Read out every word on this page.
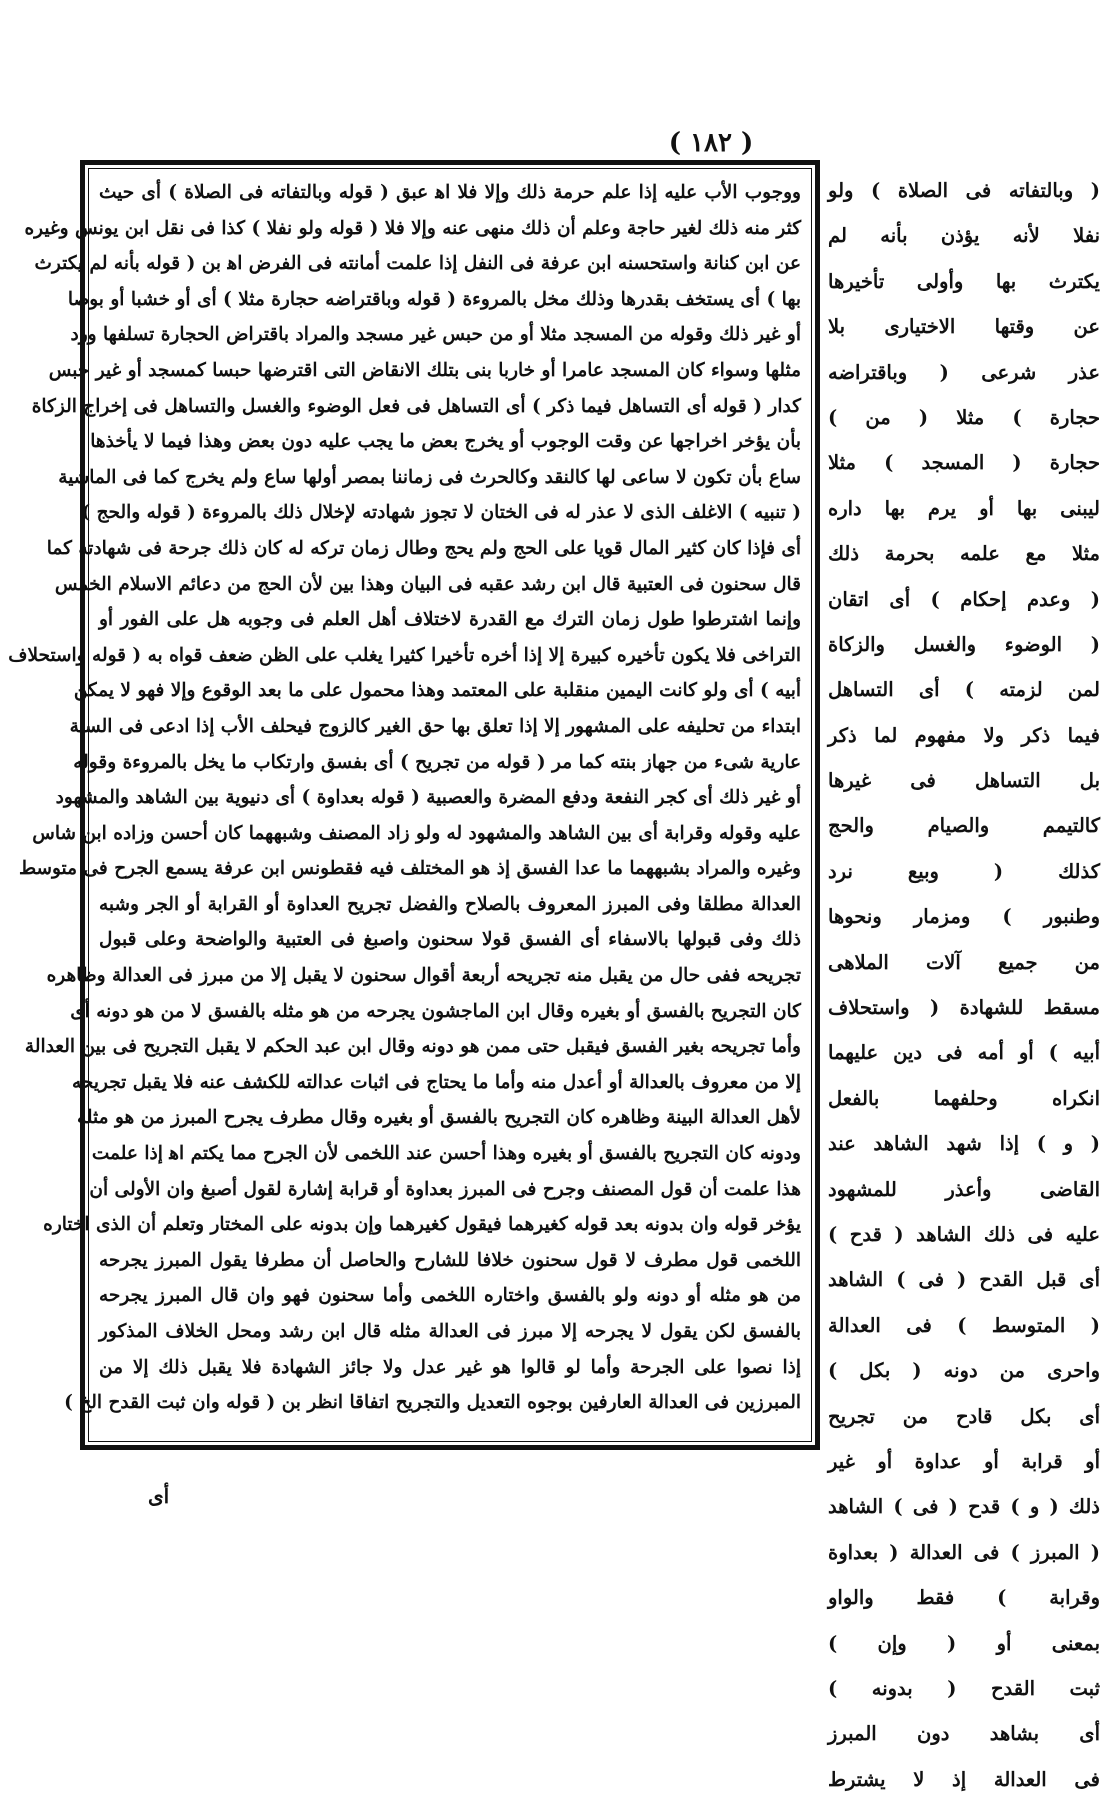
( ١٨٢ )
ووجوب الأب عليه إذا علم حرمة ذلك وإلا فلا اﻫ عبق ( قوله وبالتفاته فى الصلاة ) أى حيث
كثر منه ذلك لغير حاجة وعلم أن ذلك منهى عنه وإلا فلا ( قوله ولو نفلا ) كذا فى نقل ابن يونس وغيره
عن ابن كنانة واستحسنه ابن عرفة فى النفل إذا علمت أمانته فى الفرض اﻫ بن ( قوله بأنه لم يكترث
بها ) أى يستخف بقدرها وذلك مخل بالمروءة ( قوله وباقتراضه حجارة مثلا ) أى أو خشبا أو بوصا
أو غير ذلك وقوله من المسجد مثلا أو من حبس غير مسجد والمراد باقتراض الحجارة تسلفها ورد
مثلها وسواء كان المسجد عامرا أو خاربا بنى بتلك الانقاض التى اقترضها حبسا كمسجد أو غير حبس
كدار ( قوله أى التساهل فيما ذكر ) أى التساهل فى فعل الوضوء والغسل والتساهل فى إخراج الزكاة
بأن يؤخر اخراجها عن وقت الوجوب أو يخرج بعض ما يجب عليه دون بعض وهذا فيما لا يأخذها
ساع بأن تكون لا ساعى لها كالنقد وكالحرث فى زماننا بمصر أولها ساع ولم يخرج كما فى الماشية
( تنبيه ) الاغلف الذى لا عذر له فى الختان لا تجوز شهادته لإخلال ذلك بالمروءة ( قوله والحج )
أى فإذا كان كثير المال قويا على الحج ولم يحج وطال زمان تركه له كان ذلك جرحة فى شهادته كما
قال سحنون فى العتبية قال ابن رشد عقبه فى البيان وهذا بين لأن الحج من دعائم الاسلام الخمس
وإنما اشترطوا طول زمان الترك مع القدرة لاختلاف أهل العلم فى وجوبه هل على الفور أو
التراخى فلا يكون تأخيره كبيرة إلا إذا أخره تأخيرا كثيرا يغلب على الظن ضعف قواه به ( قوله واستحلاف
أبيه ) أى ولو كانت اليمين منقلبة على المعتمد وهذا محمول على ما بعد الوقوع وإلا فهو لا يمكن
ابتداء من تحليفه على المشهور إلا إذا تعلق بها حق الغير كالزوج فيحلف الأب إذا ادعى فى السنة
عارية شىء من جهاز بنته كما مر ( قوله من تجريح ) أى بفسق وارتكاب ما يخل بالمروءة وقوله
أو غير ذلك أى كجر النفعة ودفع المضرة والعصبية ( قوله بعداوة ) أى دنيوية بين الشاهد والمشهود
عليه وقوله وقرابة أى بين الشاهد والمشهود له ولو زاد المصنف وشبههما كان أحسن وزاده ابن شاس
وغيره والمراد بشبههما ما عدا الفسق إذ هو المختلف فيه فقطونس ابن عرفة يسمع الجرح فى متوسط
العدالة مطلقا وفى المبرز المعروف بالصلاح والفضل تجريح العداوة أو القرابة أو الجر وشبه
ذلك وفى قبولها بالاسفاء أى الفسق قولا سحنون واصبغ فى العتبية والواضحة وعلى قبول
تجريحه ففى حال من يقبل منه تجريحه أربعة أقوال سحنون لا يقبل إلا من مبرز فى العدالة وظاهره
كان التجريح بالفسق أو بغيره وقال ابن الماجشون يجرحه من هو مثله بالفسق لا من هو دونه أى
وأما تجريحه بغير الفسق فيقبل حتى ممن هو دونه وقال ابن عبد الحكم لا يقبل التجريح فى بين العدالة
إلا من معروف بالعدالة أو أعدل منه وأما ما يحتاج فى اثبات عدالته للكشف عنه فلا يقبل تجريحه
لأهل العدالة البينة وظاهره كان التجريح بالفسق أو بغيره وقال مطرف يجرح المبرز من هو مثله
ودونه كان التجريح بالفسق أو بغيره وهذا أحسن عند اللخمى لأن الجرح مما يكتم اﻫ إذا علمت
هذا علمت أن قول المصنف وجرح فى المبرز بعداوة أو قرابة إشارة لقول أصبغ وان الأولى أن
يؤخر قوله وان بدونه بعد قوله كغيرهما فيقول كغيرهما وإن بدونه على المختار وتعلم أن الذى اختاره
اللخمى قول مطرف لا قول سحنون خلافا للشارح والحاصل أن مطرفا يقول المبرز يجرحه
من هو مثله أو دونه ولو بالفسق واختاره اللخمى وأما سحنون فهو وان قال المبرز يجرحه
بالفسق لكن يقول لا يجرحه إلا مبرز فى العدالة مثله قال ابن رشد ومحل الخلاف المذكور
إذا نصوا على الجرحة وأما لو قالوا هو غير عدل ولا جائز الشهادة فلا يقبل ذلك إلا من
المبرزين فى العدالة العارفين بوجوه التعديل والتجريح اتفاقا انظر بن ( قوله وان ثبت القدح الخ )
( وبالتفاته فى الصلاة ) ولو
نفلا لأنه يؤذن بأنه لم
يكترث بها وأولى تأخيرها
عن وقتها الاختيارى بلا
عذر شرعى ( وباقتراضه
حجارة ) مثلا ( من )
حجارة ( المسجد ) مثلا
ليبنى بها أو يرم بها داره
مثلا مع علمه بحرمة ذلك
( وعدم إحكام ) أى اتقان
( الوضوء والغسل والزكاة
لمن لزمته ) أى التساهل
فيما ذكر ولا مفهوم لما ذكر
بل التساهل فى غيرها
كالتيمم والصيام والحج
كذلك ( وبيع نرد
وطنبور ) ومزمار ونحوها
من جميع آلات الملاهى
مسقط للشهادة ( واستحلاف
أبيه ) أو أمه فى دين عليهما
انكراه وحلفهما بالفعل
( و ) إذا شهد الشاهد عند
القاضى وأعذر للمشهود
عليه فى ذلك الشاهد ( قدح )
أى قبل القدح ( فى ) الشاهد
( المتوسط ) فى العدالة
واحرى من دونه ( بكل )
أى بكل قادح من تجريح
أو قرابة أو عداوة أو غير
ذلك ( و ) قدح ( فى ) الشاهد
( المبرز ) فى العدالة ( بعداوة
وقرابة ) فقط والواو
بمعنى أو ( وإن )
ثبت القدح ( بدونه )
أى بشاهد دون المبرز
فى العدالة إذ لا يشترط
أى
